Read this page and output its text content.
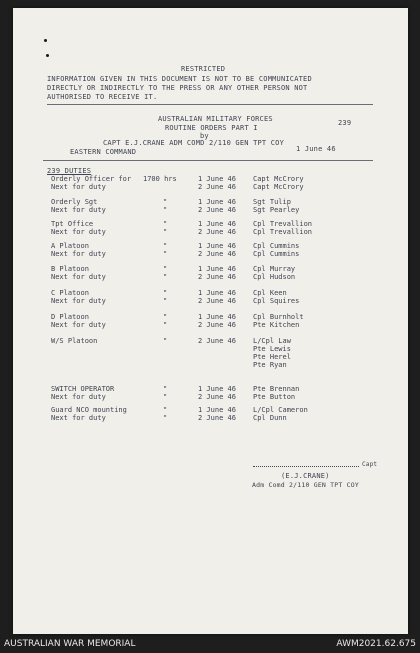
RESTRICTED
INFORMATION GIVEN IN THIS DOCUMENT IS NOT TO BE COMMUNICATED
DIRECTLY OR INDIRECTLY TO THE PRESS OR ANY OTHER PERSON NOT
AUTHORISED TO RECEIVE IT.
AUSTRALIAN MILITARY FORCES
ROUTINE ORDERS PART I
by
CAPT E.J.CRANE ADM COMD 2/110 GEN TPT COY
239
EASTERN COMMAND	1 June 46
239 DUTIES
Orderly Officer for 1700 hrs	1 June 46 Capt McCrory
Next for duty	2 June 46 Capt McCrory
Orderly Sgt	"	1 June 46 Sgt Tulip
Next for duty	"	2 June 46 Sgt Pearley
Tpt Office	"	1 June 46 Cpl Trevallion
Next for duty	"	2 June 46 Cpl Trevallion
A Platoon	"	1 June 46 Cpl Cummins
Next for duty	"	2 June 46 Cpl Cummins
B Platoon	"	1 June 46 Cpl Murray
Next for duty	"	2 June 46 Cpl Hudson
C Platoon	"	1 June 46 Cpl Keen
Next for duty	"	2 June 46 Cpl Squires
D Platoon	"	1 June 46 Cpl Burnholt
Next for duty	"	2 June 46 Pte Kitchen
W/S Platoon	"	2 June 46 L/Cpl Law
Pte Lewis
Pte Herel
Pte Ryan
SWITCH OPERATOR	"	1 June 46 Pte Brennan
Next for duty	"	2 June 46 Pte Button
Guard NCO mounting	"	1 June 46 L/Cpl Cameron
Next for duty	"	2 June 46 Cpl Dunn
Capt
(E.J.CRANE)
Adm Comd 2/110 GEN TPT COY
AUSTRALIAN WAR MEMORIAL	AWM2021.62.675
